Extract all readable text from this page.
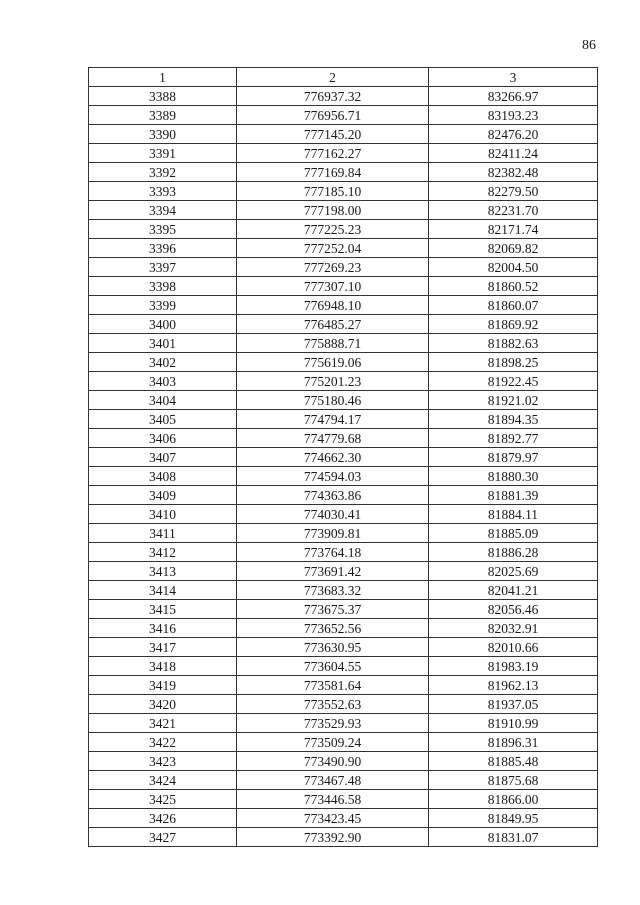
86
1	2	3
3388	776937.32	83266.97
3389	776956.71	83193.23
3390	777145.20	82476.20
3391	777162.27	82411.24
3392	777169.84	82382.48
3393	777185.10	82279.50
3394	777198.00	82231.70
3395	777225.23	82171.74
3396	777252.04	82069.82
3397	777269.23	82004.50
3398	777307.10	81860.52
3399	776948.10	81860.07
3400	776485.27	81869.92
3401	775888.71	81882.63
3402	775619.06	81898.25
3403	775201.23	81922.45
3404	775180.46	81921.02
3405	774794.17	81894.35
3406	774779.68	81892.77
3407	774662.30	81879.97
3408	774594.03	81880.30
3409	774363.86	81881.39
3410	774030.41	81884.11
3411	773909.81	81885.09
3412	773764.18	81886.28
3413	773691.42	82025.69
3414	773683.32	82041.21
3415	773675.37	82056.46
3416	773652.56	82032.91
3417	773630.95	82010.66
3418	773604.55	81983.19
3419	773581.64	81962.13
3420	773552.63	81937.05
3421	773529.93	81910.99
3422	773509.24	81896.31
3423	773490.90	81885.48
3424	773467.48	81875.68
3425	773446.58	81866.00
3426	773423.45	81849.95
3427	773392.90	81831.07
